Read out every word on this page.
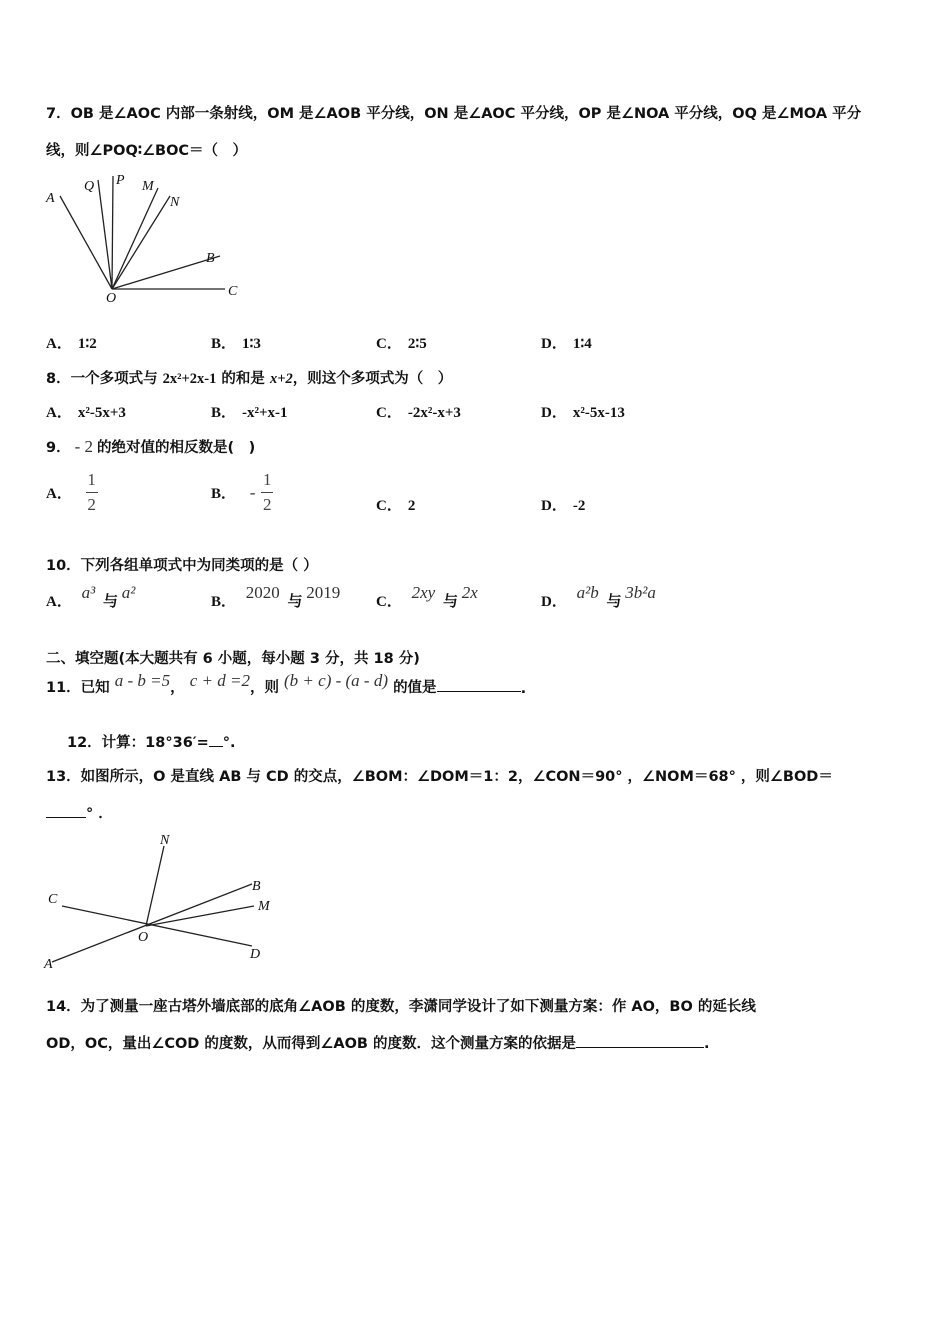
7．OB 是∠AOC 内部一条射线，OM 是∠AOB 平分线，ON 是∠AOC 平分线，OP 是∠NOA 平分线，OQ 是∠MOA 平分
线，则∠POQ∶∠BOC＝（　）
A
Q P M
N
B
O	C
A． 1∶2	B． 1∶3	C． 2∶5	D． 1∶4
8．一个多项式与 2x²+2x-1 的和是 x+2，则这个多项式为（　）
A． x²-5x+3	B． -x²+x-1	C． -2x²-x+3	D． x²-5x-13
9． - 2 的绝对值的相反数是(　)
A． $\frac{1}{2}$	B． - $\frac{1}{2}$	C． 2	D． -2
10．下列各组单项式中为同类项的是（ ）
A． a³ 与 a²	B． 2020 与 2019 C． 2xy 与 2x	D． a²b 与 3b²a
二、填空题(本大题共有 6 小题，每小题 3 分，共 18 分)
11．已知 a - b =5， c + d =2，则 (b + c) - (a - d) 的值是	.
12．计算：18°36′= °.
13．如图所示，O 是直线 AB 与 CD 的交点，∠BOM：∠DOM＝1：2，∠CON＝90° ，∠NOM＝68° ，则∠BOD＝
° ．
N
B
M
C
O
D
A
14．为了测量一座古塔外墙底部的底角∠AOB 的度数，李潇同学设计了如下测量方案：作 AO，BO 的延长线
OD，OC，量出∠COD 的度数，从而得到∠AOB 的度数．这个测量方案的依据是	.
